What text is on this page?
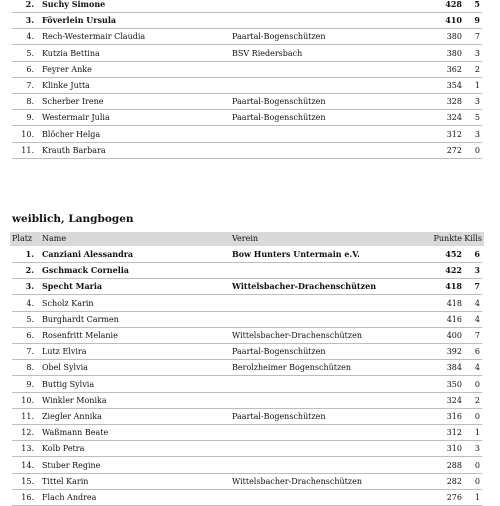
2. Suchy Simone	428	5
3. Föverlein Ursula	410	9
4. Rech-Westermair Claudia	Paartal-Bogenschützen	380	7
5. Kutzia Bettina	BSV Riedersbach	380	3
6. Feyrer Anke	362	2
7. Klinke Jutta	354	1
8. Scherber Irene	Paartal-Bogenschützen	328	3
9. Westermair Julia	Paartal-Bogenschützen	324	5
10. Blöcher Helga	312	3
11. Krauth Barbara	272	0
weiblich, Langbogen
Platz	Name	Verein	Punkte Kills
1. Canziani Alessandra	Bow Hunters Untermain e.V.	452	6
2. Gschmack Cornelia	422	3
3. Specht Maria	Wittelsbacher-Drachenschützen	418	7
4. Scholz Karin	418	4
5. Burghardt Carmen	416	4
6. Rosenfritt Melanie	Wittelsbacher-Drachenschützen	400	7
7. Lutz Elvira	Paartal-Bogenschützen	392	6
8. Obel Sylvia	Berolzheimer Bogenschützen	384	4
9. Buttig Sylvia	350	0
10. Winkler Monika	324	2
11. Ziegler Annika	Paartal-Bogenschützen	316	0
12. Waßmann Beate	312	1
13. Kolb Petra	310	3
14. Stuber Regine	288	0
15. Tittel Karin	Wittelsbacher-Drachenschützen	282	0
16. Flach Andrea	276	1
